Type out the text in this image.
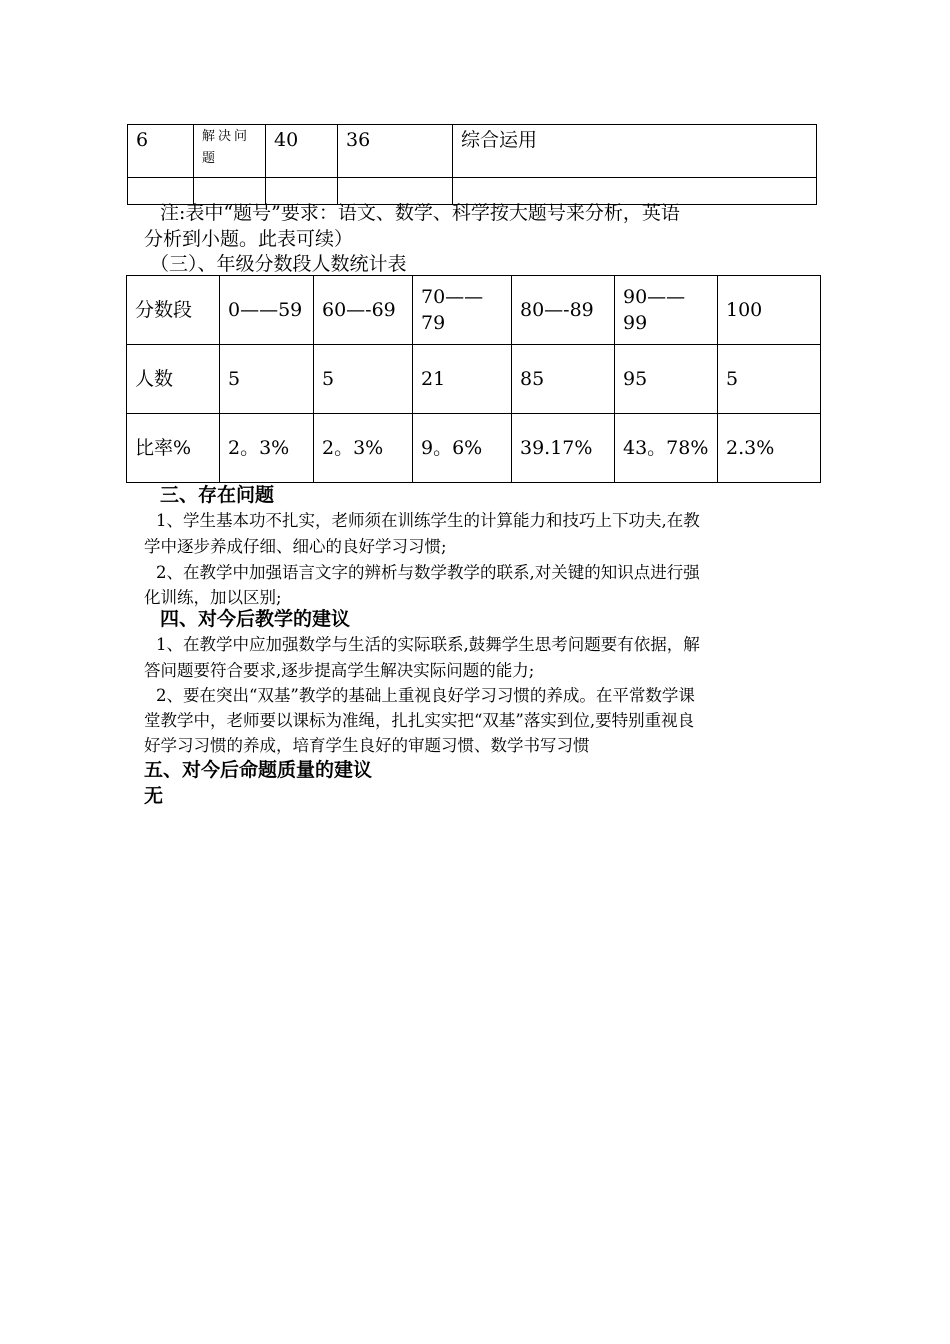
6	解决问题	40	36	综合运用

注:表中“题号”要求：语文、数学、科学按大题号来分析，英语
分析到小题。此表可续）
（三）、年级分数段人数统计表
分数段	0——59	60—-69	70——79	80—-89	90——99	100
人数	5	5	21	85	95	5
比率%	2。3%	2。3%	9。6%	39.17%	43。78%	2.3%
三、存在问题
1、学生基本功不扎实，老师须在训练学生的计算能力和技巧上下功夫,在教
学中逐步养成仔细、细心的良好学习习惯;
2、在教学中加强语言文字的辨析与数学教学的联系,对关键的知识点进行强
化训练，加以区别;
四、对今后教学的建议
1、在教学中应加强数学与生活的实际联系,鼓舞学生思考问题要有依据，解
答问题要符合要求,逐步提高学生解决实际问题的能力;
2、要在突出“双基”教学的基础上重视良好学习习惯的养成。在平常数学课
堂教学中，老师要以课标为准绳，扎扎实实把“双基”落实到位,要特别重视良
好学习习惯的养成，培育学生良好的审题习惯、数学书写习惯
五、对今后命题质量的建议
无
